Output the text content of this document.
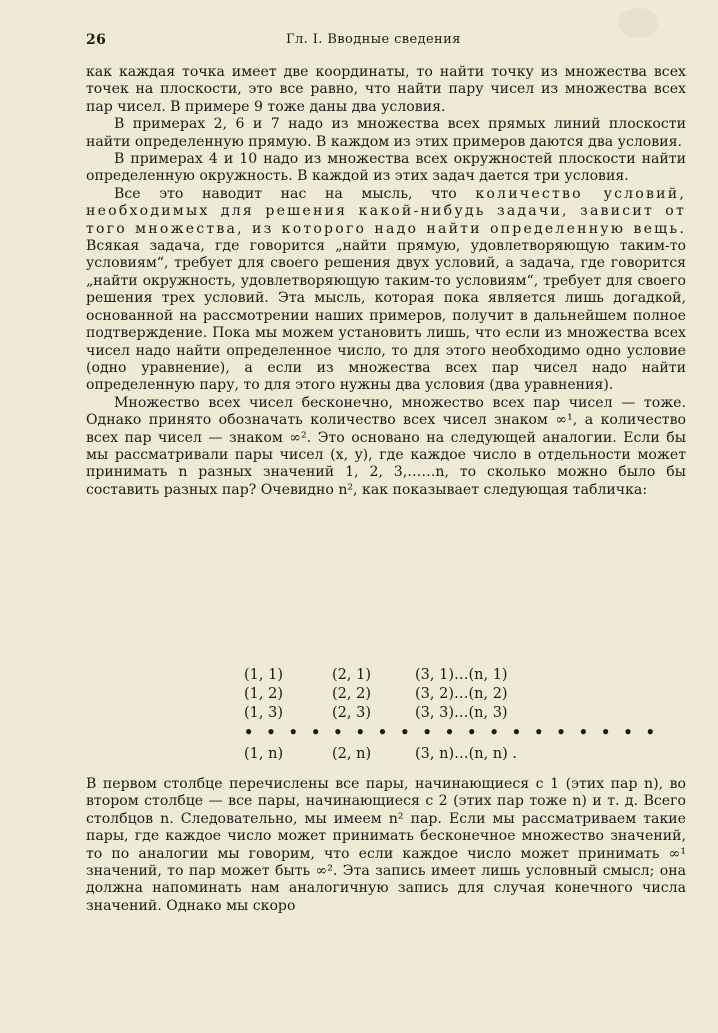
26	Гл. I. Вводные сведения

как каждая точка имеет две координаты, то найти точку из множества всех точек на плоскости, это все равно, что найти пару чисел из множества всех пар чисел. В примере 9 тоже даны два условия.

В примерах 2, 6 и 7 надо из множества всех прямых линий плоскости найти определенную прямую. В каждом из этих примеров даются два условия.

В примерах 4 и 10 надо из множества всех окружностей плоскости найти определенную окружность. В каждой из этих задач дается три условия.

Все это наводит нас на мысль, что количество условий, необходимых для решения какой-нибудь задачи, зависит от того множества, из которого надо найти определенную вещь. Всякая задача, где говорится „найти прямую, удовлетворяющую таким-то условиям“, требует для своего решения двух условий, а задача, где говорится „найти окружность, удовлетворяющую таким-то условиям“, требует для своего решения трех условий. Эта мысль, которая пока является лишь догадкой, основанной на рассмотрении наших примеров, получит в дальнейшем полное подтверждение. Пока мы можем установить лишь, что если из множества всех чисел надо найти определенное число, то для этого необходимо одно условие (одно уравнение), а если из множества всех пар чисел надо найти определенную пару, то для этого нужны два условия (два уравнения).

Множество всех чисел бесконечно, множество всех пар чисел — тоже. Однако принято обозначать количество всех чисел знаком ∞¹, а количество всех пар чисел — знаком ∞². Это основано на следующей аналогии. Если бы мы рассматривали пары чисел (x, y), где каждое число в отдельности может принимать n разных значений 1, 2, 3,……n, то сколько можно было бы составить разных пар? Очевидно n², как показывает следующая табличка:

(1, 1)	(2, 1)	(3, 1)…(n, 1)
(1, 2)	(2, 2)	(3, 2)…(n, 2)
(1, 3)	(2, 3)	(3, 3)…(n, 3)
• • • • • • • • • • • • • • • • • • •
(1, n)	(2, n)	(3, n)…(n, n) .

В первом столбце перечислены все пары, начинающиеся с 1 (этих пар n), во втором столбце — все пары, начинающиеся с 2 (этих пар тоже n) и т. д. Всего столбцов n. Следовательно, мы имеем n² пар. Если мы рассматриваем такие пары, где каждое число может принимать бесконечное множество значений, то по аналогии мы говорим, что если каждое число может принимать ∞¹ значений, то пар может быть ∞². Эта запись имеет лишь условный смысл; она должна напоминать нам аналогичную запись для случая конечного числа значений. Однако мы скоро
